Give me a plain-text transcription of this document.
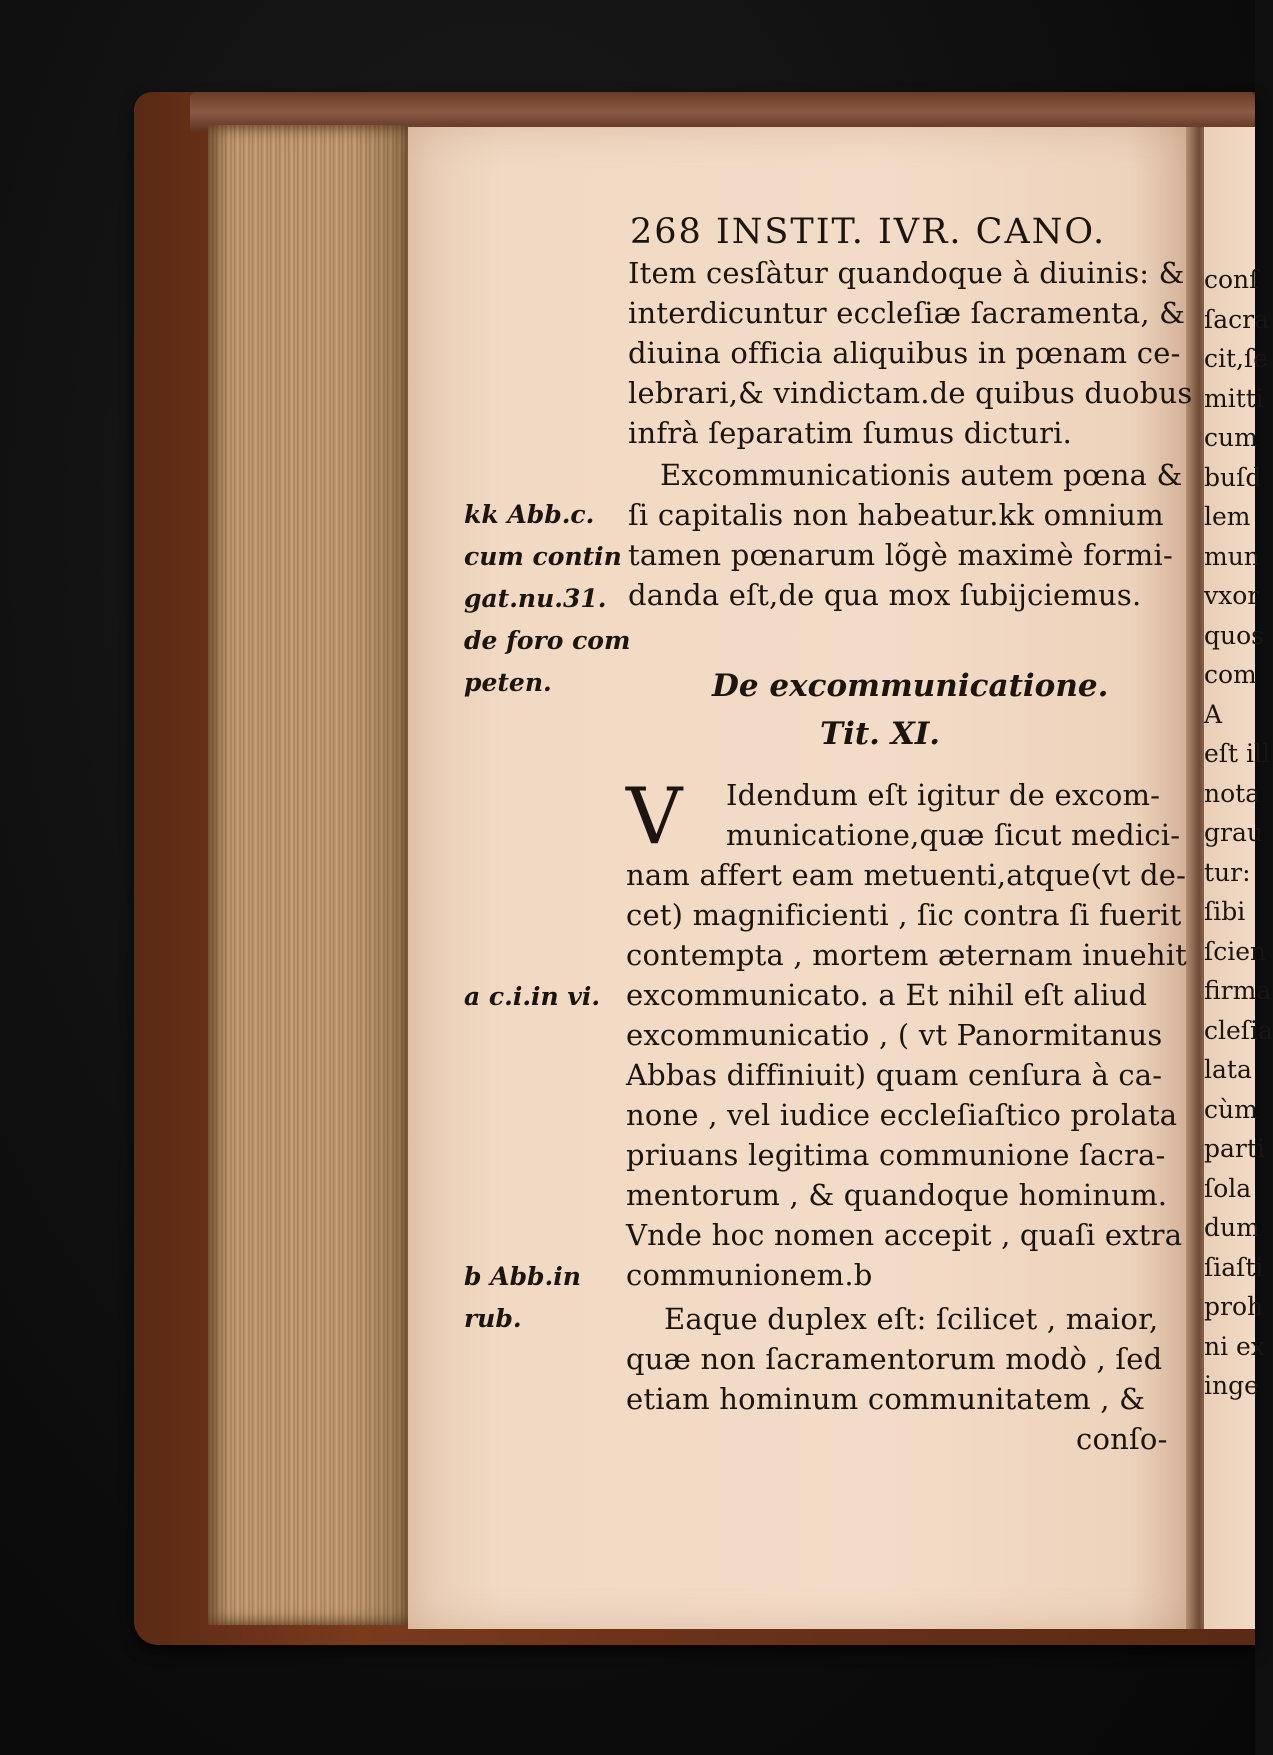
conſ
ſacra
cit,ſe
mitti
cum
buſd
lem
mun
vxor
quos
com
A
eſt ill
nota
grau
tur:
ſibi
ſcien
firma
cleſia
lata
cùm
parti
ſola
dum
ſiaſti
proh
ni ex
inge
268 INSTIT. IVR. CANO.
Item cesſàtur quandoque à diuinis: &
interdicuntur eccleſiæ ſacramenta, &
diuina officia aliquibus in pœnam ce-
lebrari,& vindictam.de quibus duobus
infrà ſeparatim ſumus dicturi.
Excommunicationis autem pœna &
ſi capitalis non habeatur.kk omnium
tamen pœnarum lõgè maximè formi-
danda eſt,de qua mox ſubijciemus.
De excommunicatione.
Tit. XI.
V Idendum eſt igitur de excom-
municatione,quæ ſicut medici-
nam affert eam metuenti,atque(vt de-
cet) magnificienti , ſic contra ſi fuerit
contempta , mortem æternam inuehit
excommunicato. a Et nihil eſt aliud
excommunicatio , ( vt Panormitanus
Abbas diffiniuit) quam cenſura à ca-
none , vel iudice eccleſiaſtico prolata
priuans legitima communione ſacra-
mentorum , & quandoque hominum.
Vnde hoc nomen accepit , quaſi extra
communionem.b
Eaque duplex eſt: ſcilicet , maior,
quæ non ſacramentorum modò , ſed
etiam hominum communitatem , &
conſo-
kk Abb.c.
cum contin
gat.nu.31.
de foro com
peten.
a c.i.in vi.
b Abb.in
rub.
